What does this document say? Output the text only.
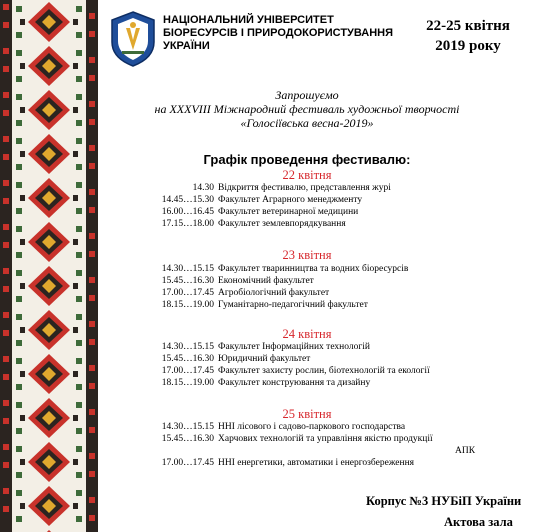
НАЦІОНАЛЬНИЙ УНІВЕРСИТЕТ
БІОРЕСУРСІВ І ПРИРОДОКОРИСТУВАННЯ
УКРАЇНИ
22-25 квітня
2019 року
Запрошуємо
на XXXVIII Міжнародний фестиваль художньої творчості
«Голосіївська весна-2019»
Графік проведення фестивалю:
22 квітня
14.30 Відкриття фестивалю, представлення журі
14.45…15.30 Факультет Аграрного менеджменту
16.00…16.45 Факультет ветеринарної медицини
17.15…18.00 Факультет землевпорядкування
23 квітня
14.30…15.15 Факультет тваринництва та водних біоресурсів
15.45…16.30 Економічний факультет
17.00…17.45 Агробіологічний факультет
18.15…19.00 Гуманітарно-педагогічний факультет
24 квітня
14.30…15.15 Факультет Інформаційних технологій
15.45…16.30 Юридичний факультет
17.00…17.45 Факультет захисту рослин, біотехнологій та екології
18.15…19.00 Факультет конструювання та дизайну
25 квітня
14.30…15.15 ННІ лісового і садово-паркового господарства
15.45…16.30 Харчових технологій та управління якістю продукції
17.00…17.45 ННІ енергетики, автоматики і енергозбереження
АПК
Корпус №3 НУБіП України
Актова зала
